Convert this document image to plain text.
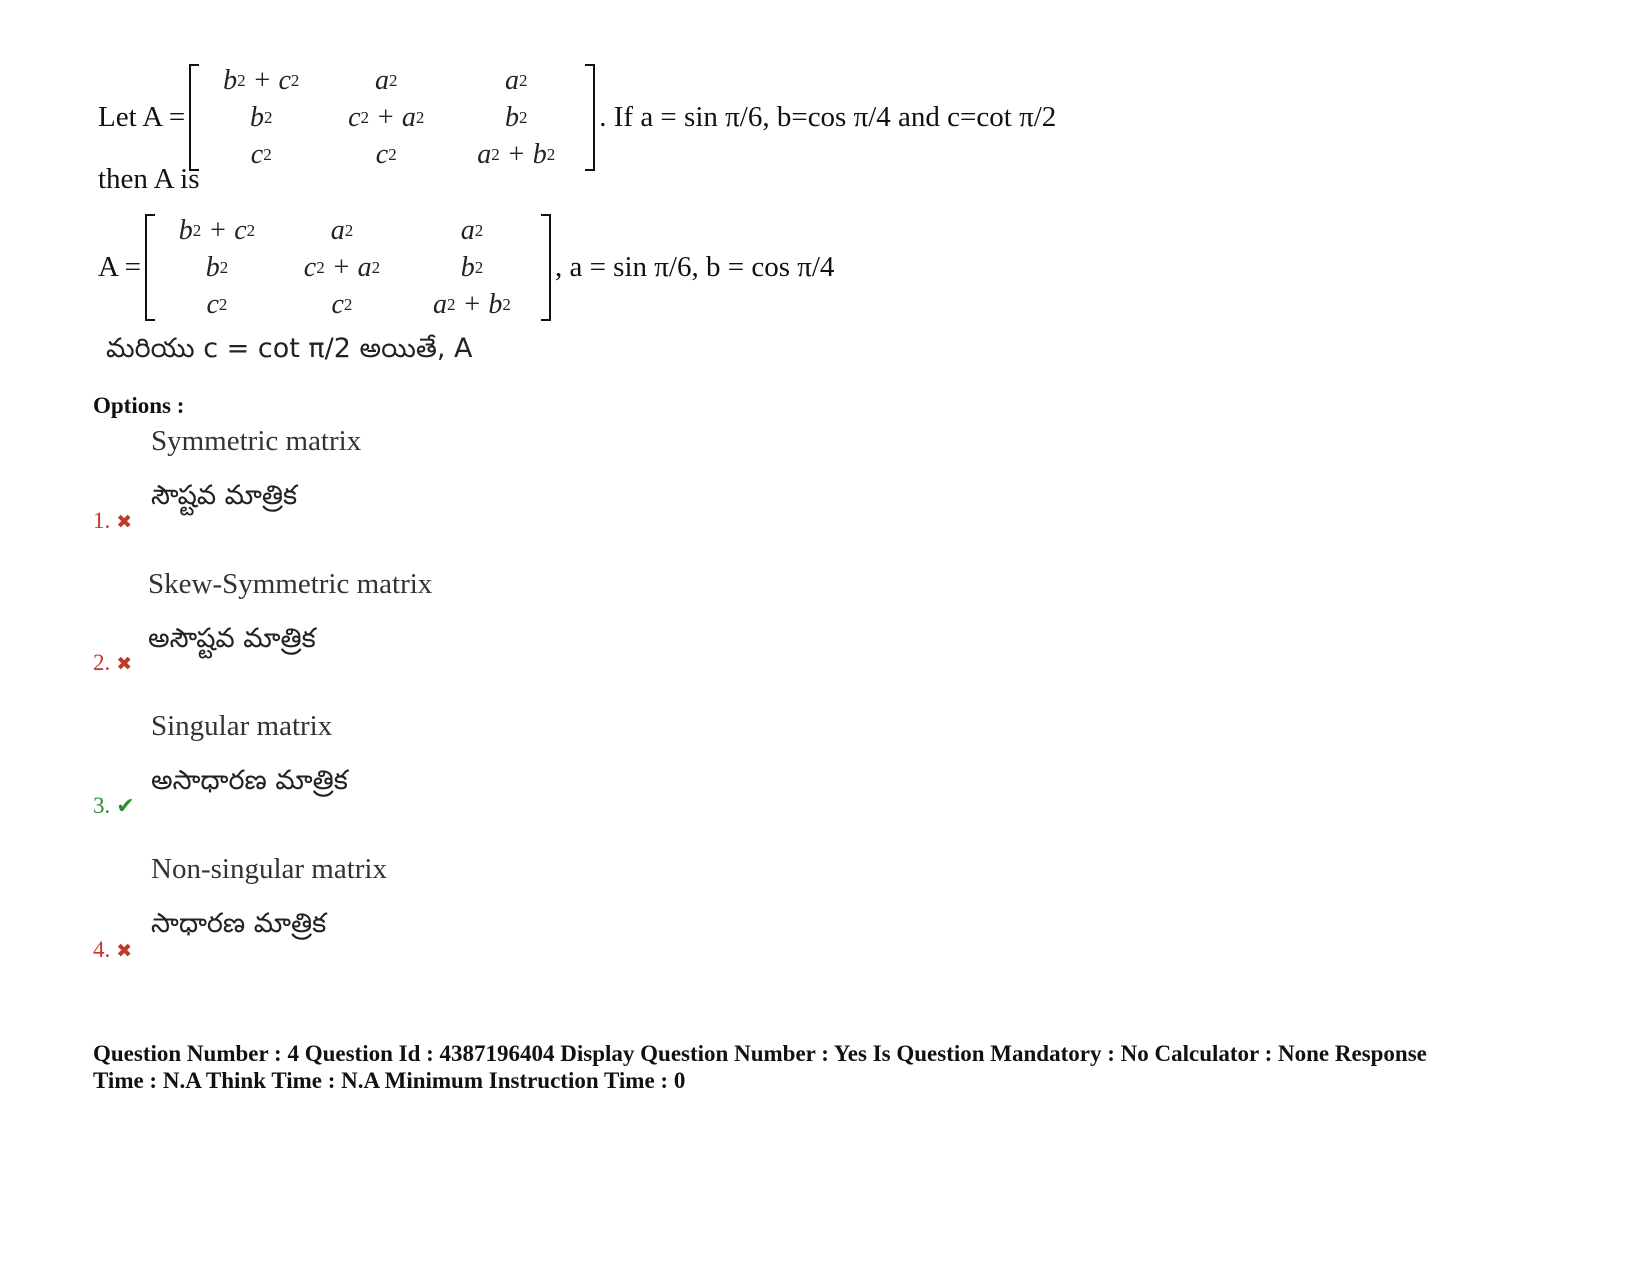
Let A =
b 2 + c 2	a 2	a 2
b 2	c 2 + a 2	b 2
c 2	c 2	a 2 + b 2
. If a = sin π/6, b=cos π/4 and c=cot π/2
then A is
A =
b 2 + c 2	a 2	a 2
b 2	c 2 + a 2	b 2
c 2	c 2	a 2 + b 2
, a = sin π/6, b = cos π/4
మరియు c = cot π/2 అయితే, A
Options :
Symmetric matrix
సౌష్టవ మాత్రిక
1. ✖
Skew-Symmetric matrix
అసౌష్టవ మాత్రిక
2. ✖
Singular matrix
అసాధారణ మాత్రిక
3. ✔
Non-singular matrix
సాధారణ మాత్రిక
4. ✖
Question Number : 4 Question Id : 4387196404 Display Question Number : Yes Is Question Mandatory : No Calculator : None Response
Time : N.A Think Time : N.A Minimum Instruction Time : 0
